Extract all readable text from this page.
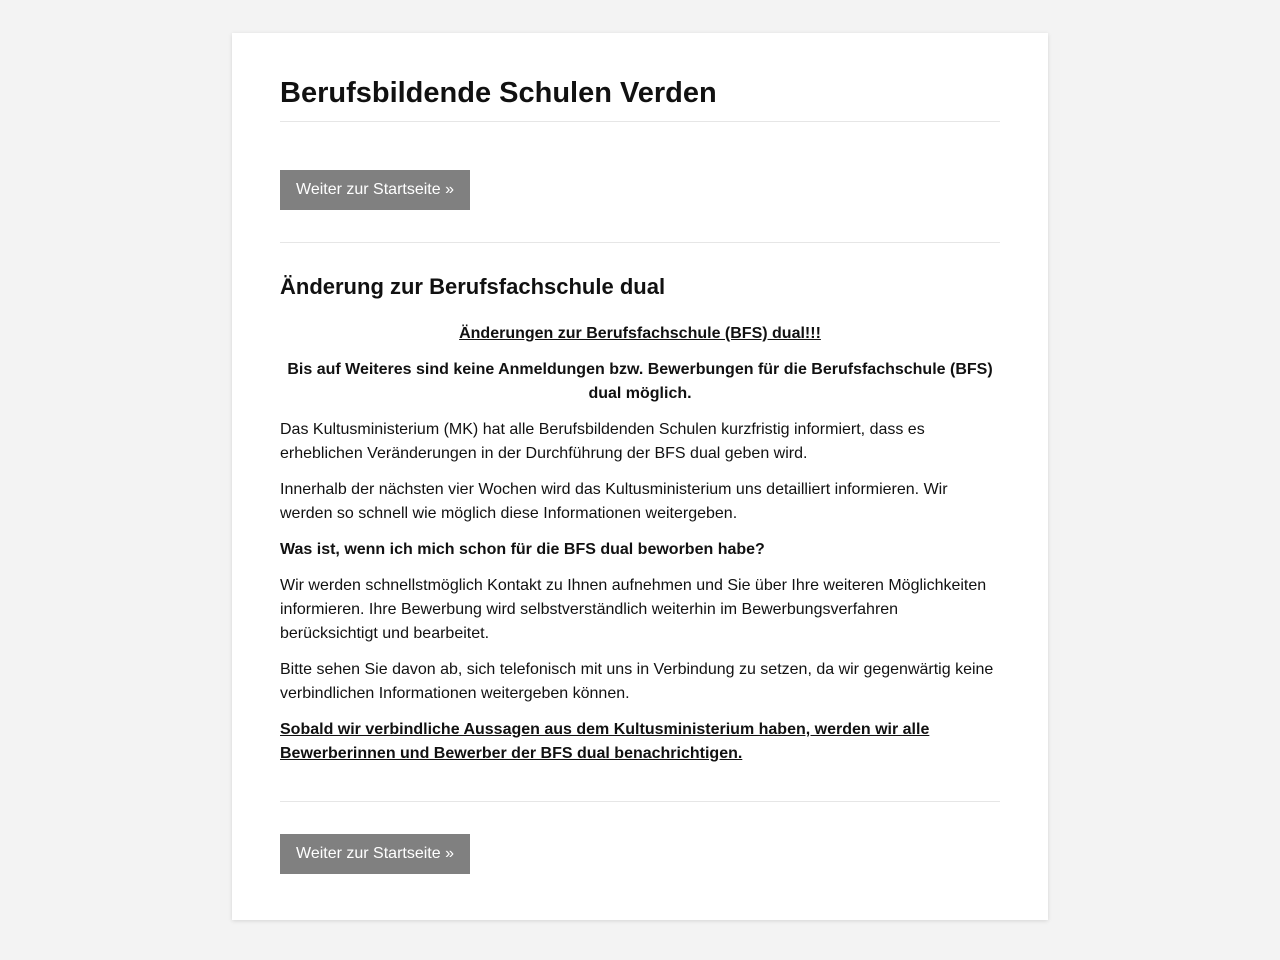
Berufsbildende Schulen Verden
Weiter zur Startseite »
Änderung zur Berufsfachschule dual

Änderungen zur Berufsfachschule (BFS) dual!!!

Bis auf Weiteres sind keine Anmeldungen bzw. Bewerbungen für die Berufsfachschule (BFS) dual möglich.

Das Kultusministerium (MK) hat alle Berufsbildenden Schulen kurzfristig informiert, dass es erheblichen Veränderungen in der Durchführung der BFS dual geben wird.

Innerhalb der nächsten vier Wochen wird das Kultusministerium uns detailliert informieren. Wir werden so schnell wie möglich diese Informationen weitergeben.

Was ist, wenn ich mich schon für die BFS dual beworben habe?

Wir werden schnellstmöglich Kontakt zu Ihnen aufnehmen und Sie über Ihre weiteren Möglichkeiten informieren. Ihre Bewerbung wird selbstverständlich weiterhin im Bewerbungsverfahren berücksichtigt und bearbeitet.

Bitte sehen Sie davon ab, sich telefonisch mit uns in Verbindung zu setzen, da wir gegenwärtig keine verbindlichen Informationen weitergeben können.

Sobald wir verbindliche Aussagen aus dem Kultusministerium haben, werden wir alle Bewerberinnen und Bewerber der BFS dual benachrichtigen.

Weiter zur Startseite »
